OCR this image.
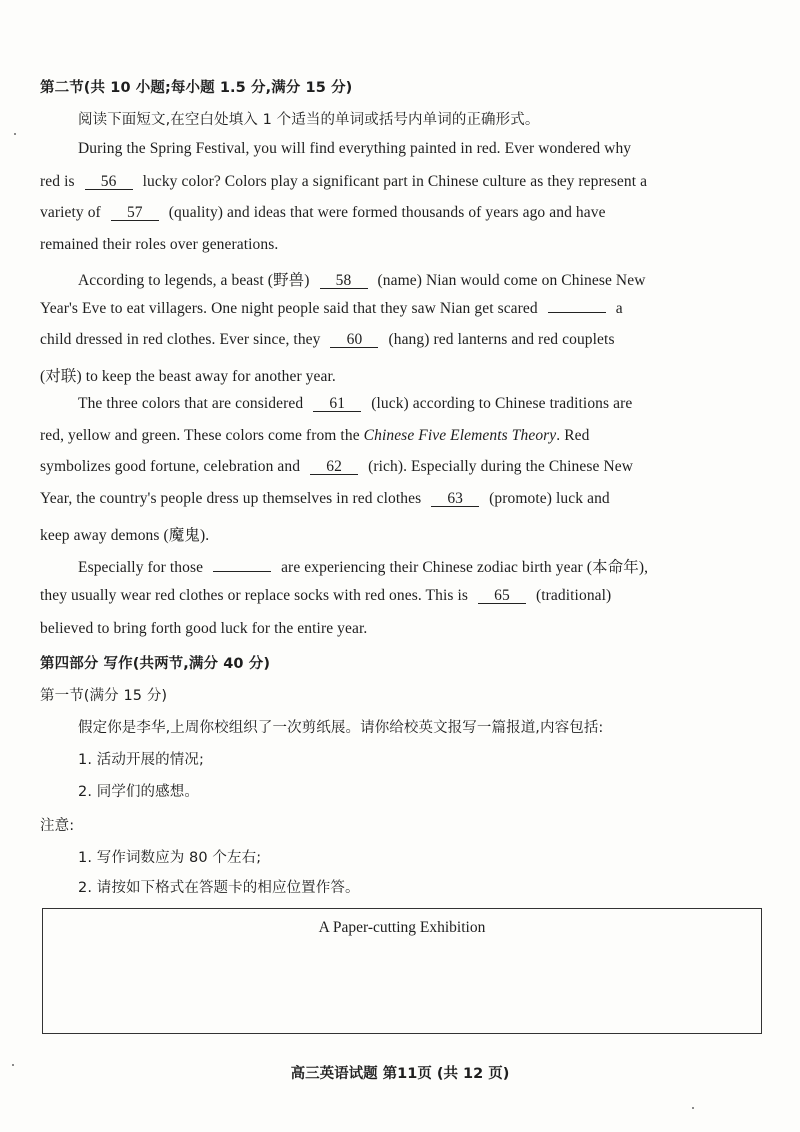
第二节(共 10 小题;每小题 1.5 分,满分 15 分)
阅读下面短文,在空白处填入 1 个适当的单词或括号内单词的正确形式。
During the Spring Festival, you will find everything painted in red. Ever wondered why
red is 56 lucky color? Colors play a significant part in Chinese culture as they represent a
variety of 57 (quality) and ideas that were formed thousands of years ago and have
remained their roles over generations.
According to legends, a beast (野兽) 58 (name) Nian would come on Chinese New
Year's Eve to eat villagers. One night people said that they saw Nian get scared	a
child dressed in red clothes. Ever since, they 60 (hang) red lanterns and red couplets
(对联) to keep the beast away for another year.
The three colors that are considered 61 (luck) according to Chinese traditions are
red, yellow and green. These colors come from the Chinese Five Elements Theory. Red
symbolizes good fortune, celebration and 62 (rich). Especially during the Chinese New
Year, the country's people dress up themselves in red clothes 63 (promote) luck and
keep away demons (魔鬼).
Especially for those	are experiencing their Chinese zodiac birth year (本命年),
they usually wear red clothes or replace socks with red ones. This is 65 (traditional)
believed to bring forth good luck for the entire year.
第四部分 写作(共两节,满分 40 分)
第一节(满分 15 分)
假定你是李华,上周你校组织了一次剪纸展。请你给校英文报写一篇报道,内容包括:
1. 活动开展的情况;
2. 同学们的感想。
注意:
1. 写作词数应为 80 个左右;
2. 请按如下格式在答题卡的相应位置作答。
A Paper-cutting Exhibition
高三英语试题 第11页 (共 12 页)
